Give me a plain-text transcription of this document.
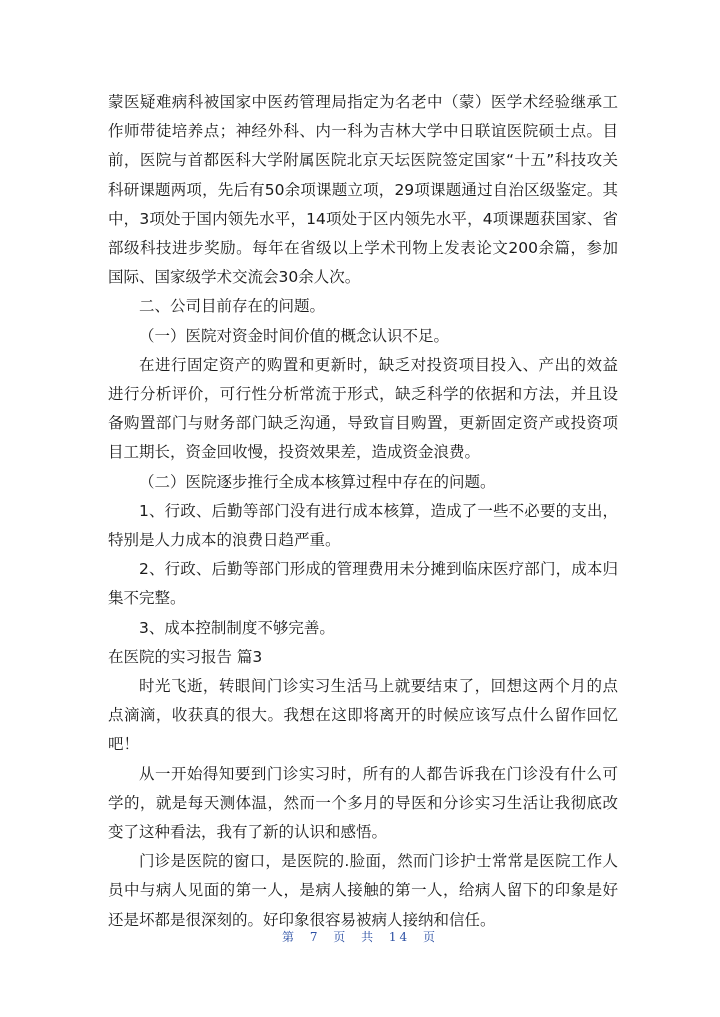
蒙医疑难病科被国家中医药管理局指定为名老中（蒙）医学术经验继承工作师带徒培养点；神经外科、内一科为吉林大学中日联谊医院硕士点。目前，医院与首都医科大学附属医院北京天坛医院签定国家“十五”科技攻关科研课题两项，先后有50余项课题立项，29项课题通过自治区级鉴定。其中，3项处于国内领先水平，14项处于区内领先水平，4项课题获国家、省部级科技进步奖励。每年在省级以上学术刊物上发表论文200余篇，参加国际、国家级学术交流会30余人次。

二、公司目前存在的问题。

（一）医院对资金时间价值的概念认识不足。

在进行固定资产的购置和更新时，缺乏对投资项目投入、产出的效益进行分析评价，可行性分析常流于形式，缺乏科学的依据和方法，并且设备购置部门与财务部门缺乏沟通，导致盲目购置，更新固定资产或投资项目工期长，资金回收慢，投资效果差，造成资金浪费。

（二）医院逐步推行全成本核算过程中存在的问题。

1、行政、后勤等部门没有进行成本核算，造成了一些不必要的支出，特别是人力成本的浪费日趋严重。

2、行政、后勤等部门形成的管理费用未分摊到临床医疗部门，成本归集不完整。

3、成本控制制度不够完善。

在医院的实习报告 篇3

时光飞逝，转眼间门诊实习生活马上就要结束了，回想这两个月的点点滴滴，收获真的很大。我想在这即将离开的时候应该写点什么留作回忆吧！

从一开始得知要到门诊实习时，所有的人都告诉我在门诊没有什么可学的，就是每天测体温，然而一个多月的导医和分诊实习生活让我彻底改变了这种看法，我有了新的认识和感悟。

门诊是医院的窗口，是医院的.脸面，然而门诊护士常常是医院工作人员中与病人见面的第一人，是病人接触的第一人，给病人留下的印象是好还是坏都是很深刻的。好印象很容易被病人接纳和信任。

第 7 页 共 14 页
